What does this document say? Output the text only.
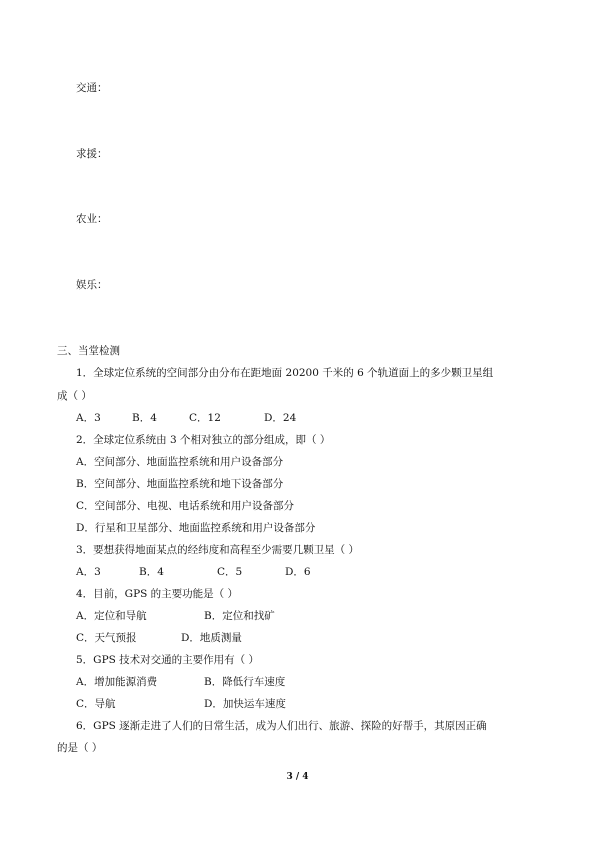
交通：
求援：
农业：
娱乐：
三、当堂检测
1．全球定位系统的空间部分由分布在距地面 20200 千米的 6 个轨道面上的多少颗卫星组
成（ ）
A．3	B．4	C．12	D．24
2．全球定位系统由 3 个相对独立的部分组成，即（ ）
A．空间部分、地面监控系统和用户设备部分
B．空间部分、地面监控系统和地下设备部分
C．空间部分、电视、电话系统和用户设备部分
D．行星和卫星部分、地面监控系统和用户设备部分
3．要想获得地面某点的经纬度和高程至少需要几颗卫星（ ）
A．3	B．4	C．5	D．6
4．目前，GPS 的主要功能是（ ）
A．定位和导航	B．定位和找矿
C．天气预报	D．地质测量
5．GPS 技术对交通的主要作用有（ ）
A．增加能源消费	B．降低行车速度
C．导航	D．加快运车速度
6．GPS 逐渐走进了人们的日常生活，成为人们出行、旅游、探险的好帮手，其原因正确
的是（ ）
3 / 4
